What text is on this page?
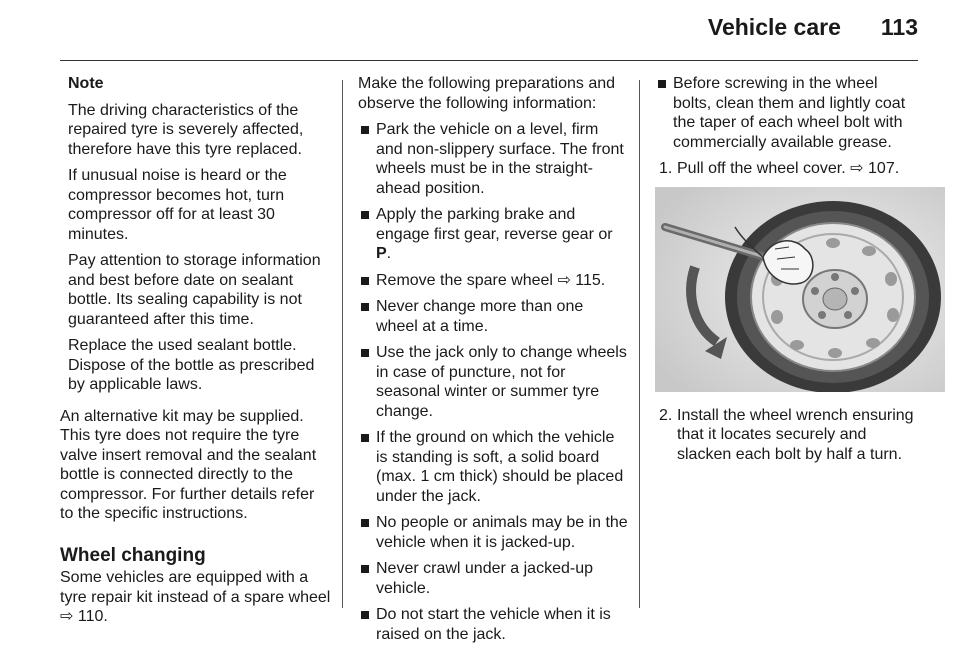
Vehicle care 113

Note

The driving characteristics of the repaired tyre is severely affected, therefore have this tyre replaced.

If unusual noise is heard or the compressor becomes hot, turn compressor off for at least 30 minutes.

Pay attention to storage information and best before date on sealant bottle. Its sealing capability is not guaranteed after this time.

Replace the used sealant bottle. Dispose of the bottle as prescribed by applicable laws.

An alternative kit may be supplied. This tyre does not require the tyre valve insert removal and the sealant bottle is connected directly to the compressor. For further details refer to the specific instructions.

Wheel changing

Some vehicles are equipped with a tyre repair kit instead of a spare wheel ⇨ 110.

Make the following preparations and observe the following information:

Park the vehicle on a level, firm and non-slippery surface. The front wheels must be in the straight-ahead position.

Apply the parking brake and engage first gear, reverse gear or P.

Remove the spare wheel ⇨ 115.

Never change more than one wheel at a time.

Use the jack only to change wheels in case of puncture, not for seasonal winter or summer tyre change.

If the ground on which the vehicle is standing is soft, a solid board (max. 1 cm thick) should be placed under the jack.

No people or animals may be in the vehicle when it is jacked-up.

Never crawl under a jacked-up vehicle.

Do not start the vehicle when it is raised on the jack.

Before screwing in the wheel bolts, clean them and lightly coat the taper of each wheel bolt with commercially available grease.

1. Pull off the wheel cover. ⇨ 107.

2. Install the wheel wrench ensuring that it locates securely and slacken each bolt by half a turn.
